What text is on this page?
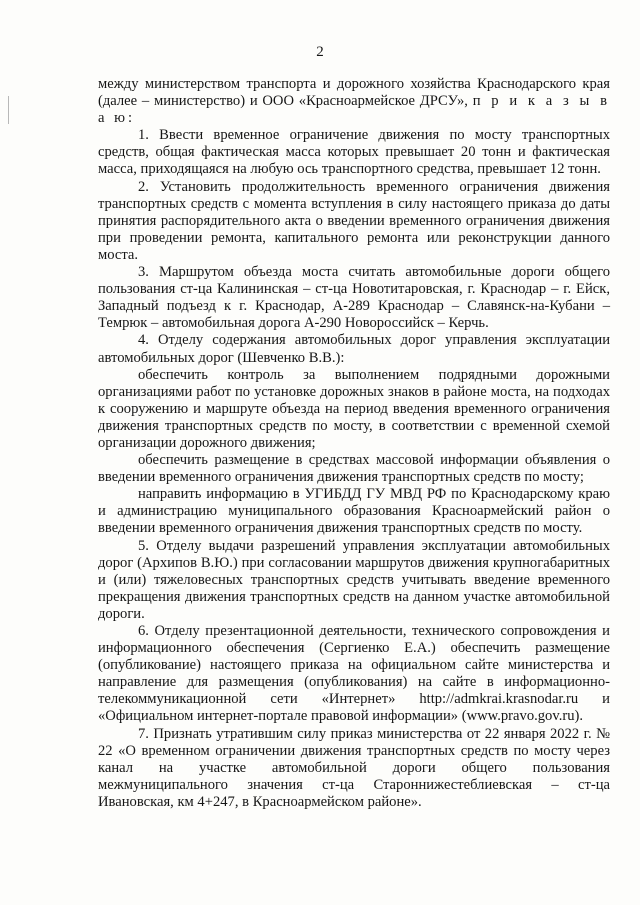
2

между министерством транспорта и дорожного хозяйства Краснодарского края (далее – министерство) и ООО «Красноармейское ДРСУ», п р и к а з ы в а ю:

1. Ввести временное ограничение движения по мосту транспортных средств, общая фактическая масса которых превышает 20 тонн и фактическая масса, приходящаяся на любую ось транспортного средства, превышает 12 тонн.

2. Установить продолжительность временного ограничения движения транспортных средств с момента вступления в силу настоящего приказа до даты принятия распорядительного акта о введении временного ограничения движения при проведении ремонта, капитального ремонта или реконструкции данного моста.

3. Маршрутом объезда моста считать автомобильные дороги общего пользования ст-ца Калининская – ст-ца Новотитаровская, г. Краснодар – г. Ейск, Западный подъезд к г. Краснодар, А-289 Краснодар – Славянск-на-Кубани – Темрюк – автомобильная дорога А-290 Новороссийск – Керчь.

4. Отделу содержания автомобильных дорог управления эксплуатации автомобильных дорог (Шевченко В.В.):

обеспечить контроль за выполнением подрядными дорожными организациями работ по установке дорожных знаков в районе моста, на подходах к сооружению и маршруте объезда на период введения временного ограничения движения транспортных средств по мосту, в соответствии с временной схемой организации дорожного движения;

обеспечить размещение в средствах массовой информации объявления о введении временного ограничения движения транспортных средств по мосту;

направить информацию в УГИБДД ГУ МВД РФ по Краснодарскому краю и администрацию муниципального образования Красноармейский район о введении временного ограничения движения транспортных средств по мосту.

5. Отделу выдачи разрешений управления эксплуатации автомобильных дорог (Архипов В.Ю.) при согласовании маршрутов движения крупногабаритных и (или) тяжеловесных транспортных средств учитывать введение временного прекращения движения транспортных средств на данном участке автомобильной дороги.

6. Отделу презентационной деятельности, технического сопровождения и информационного обеспечения (Сергиенко Е.А.) обеспечить размещение (опубликование) настоящего приказа на официальном сайте министерства и направление для размещения (опубликования) на сайте в информационно-телекоммуникационной сети «Интернет» http://admkrai.krasnodar.ru и «Официальном интернет-портале правовой информации» (www.pravo.gov.ru).

7. Признать утратившим силу приказ министерства от 22 января 2022 г. № 22 «О временном ограничении движения транспортных средств по мосту через канал на участке автомобильной дороги общего пользования межмуниципального значения ст-ца Староннижестеблиевская – ст-ца Ивановская, км 4+247, в Красноармейском районе».
